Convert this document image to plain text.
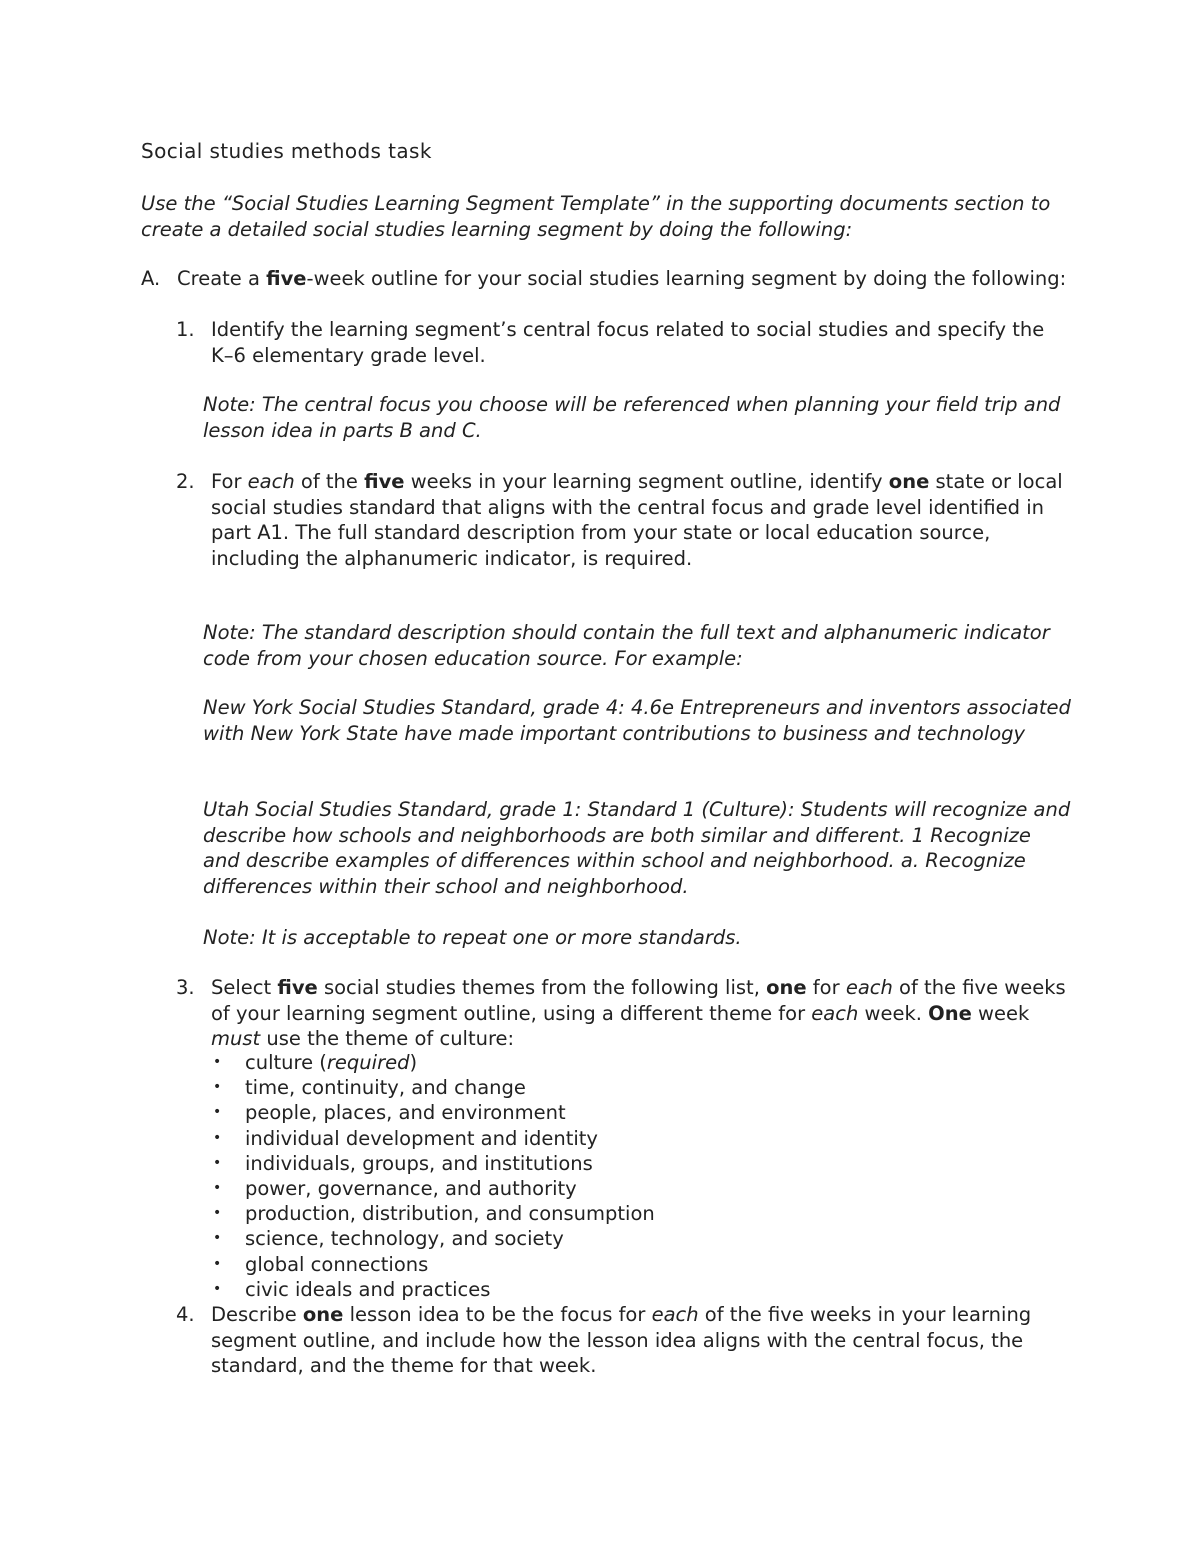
Social studies methods task
Use the “Social Studies Learning Segment Template” in the supporting documents section to create a detailed social studies learning segment by doing the following:
A. Create a five-week outline for your social studies learning segment by doing the following:
1. Identify the learning segment’s central focus related to social studies and specify the K–6 elementary grade level.
Note: The central focus you choose will be referenced when planning your field trip and lesson idea in parts B and C.
2. For each of the five weeks in your learning segment outline, identify one state or local social studies standard that aligns with the central focus and grade level identified in part A1. The full standard description from your state or local education source, including the alphanumeric indicator, is required.
Note: The standard description should contain the full text and alphanumeric indicator code from your chosen education source. For example:
New York Social Studies Standard, grade 4: 4.6e Entrepreneurs and inventors associated with New York State have made important contributions to business and technology
Utah Social Studies Standard, grade 1: Standard 1 (Culture): Students will recognize and describe how schools and neighborhoods are both similar and different. 1 Recognize and describe examples of differences within school and neighborhood. a. Recognize differences within their school and neighborhood.
Note: It is acceptable to repeat one or more standards.
3. Select five social studies themes from the following list, one for each of the five weeks of your learning segment outline, using a different theme for each week. One week must use the theme of culture:
• culture (required)
• time, continuity, and change
• people, places, and environment
• individual development and identity
• individuals, groups, and institutions
• power, governance, and authority
• production, distribution, and consumption
• science, technology, and society
• global connections
• civic ideals and practices
4. Describe one lesson idea to be the focus for each of the five weeks in your learning segment outline, and include how the lesson idea aligns with the central focus, the standard, and the theme for that week.
